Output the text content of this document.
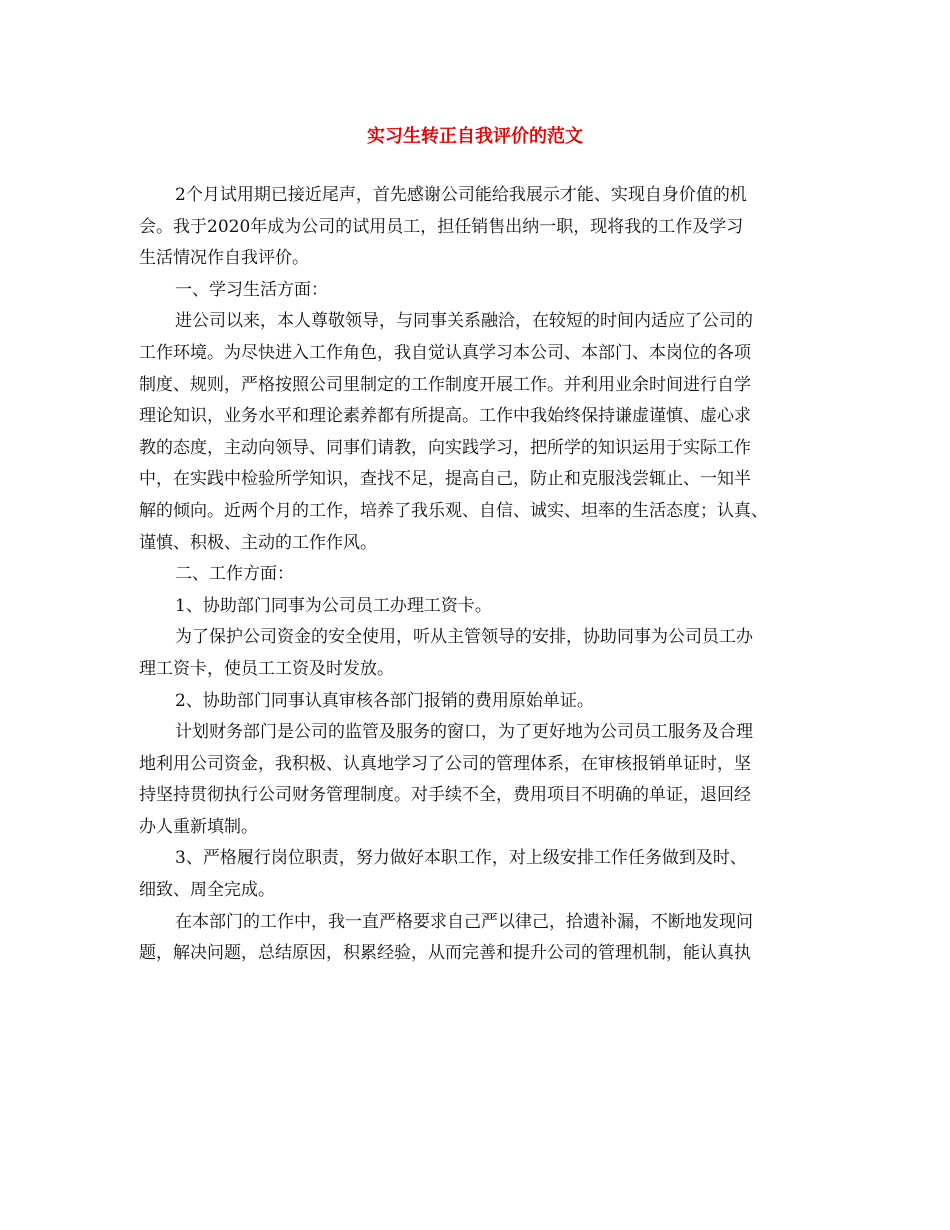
实习生转正自我评价的范文
2个月试用期已接近尾声，首先感谢公司能给我展示才能、实现自身价值的机
会。我于2020年成为公司的试用员工，担任销售出纳一职，现将我的工作及学习
生活情况作自我评价。
一、学习生活方面：
进公司以来，本人尊敬领导，与同事关系融洽，在较短的时间内适应了公司的
工作环境。为尽快进入工作角色，我自觉认真学习本公司、本部门、本岗位的各项
制度、规则，严格按照公司里制定的工作制度开展工作。并利用业余时间进行自学
理论知识，业务水平和理论素养都有所提高。工作中我始终保持谦虚谨慎、虚心求
教的态度，主动向领导、同事们请教，向实践学习，把所学的知识运用于实际工作
中，在实践中检验所学知识，查找不足，提高自己，防止和克服浅尝辄止、一知半
解的倾向。近两个月的工作，培养了我乐观、自信、诚实、坦率的生活态度；认真、
谨慎、积极、主动的工作作风。
二、工作方面：
1、协助部门同事为公司员工办理工资卡。
为了保护公司资金的安全使用，听从主管领导的安排，协助同事为公司员工办
理工资卡，使员工工资及时发放。
2、协助部门同事认真审核各部门报销的费用原始单证。
计划财务部门是公司的监管及服务的窗口，为了更好地为公司员工服务及合理
地利用公司资金，我积极、认真地学习了公司的管理体系，在审核报销单证时，坚
持坚持贯彻执行公司财务管理制度。对手续不全，费用项目不明确的单证，退回经
办人重新填制。
3、严格履行岗位职责，努力做好本职工作，对上级安排工作任务做到及时、
细致、周全完成。
在本部门的工作中，我一直严格要求自己严以律己，拾遗补漏，不断地发现问
题，解决问题，总结原因，积累经验，从而完善和提升公司的管理机制，能认真执
